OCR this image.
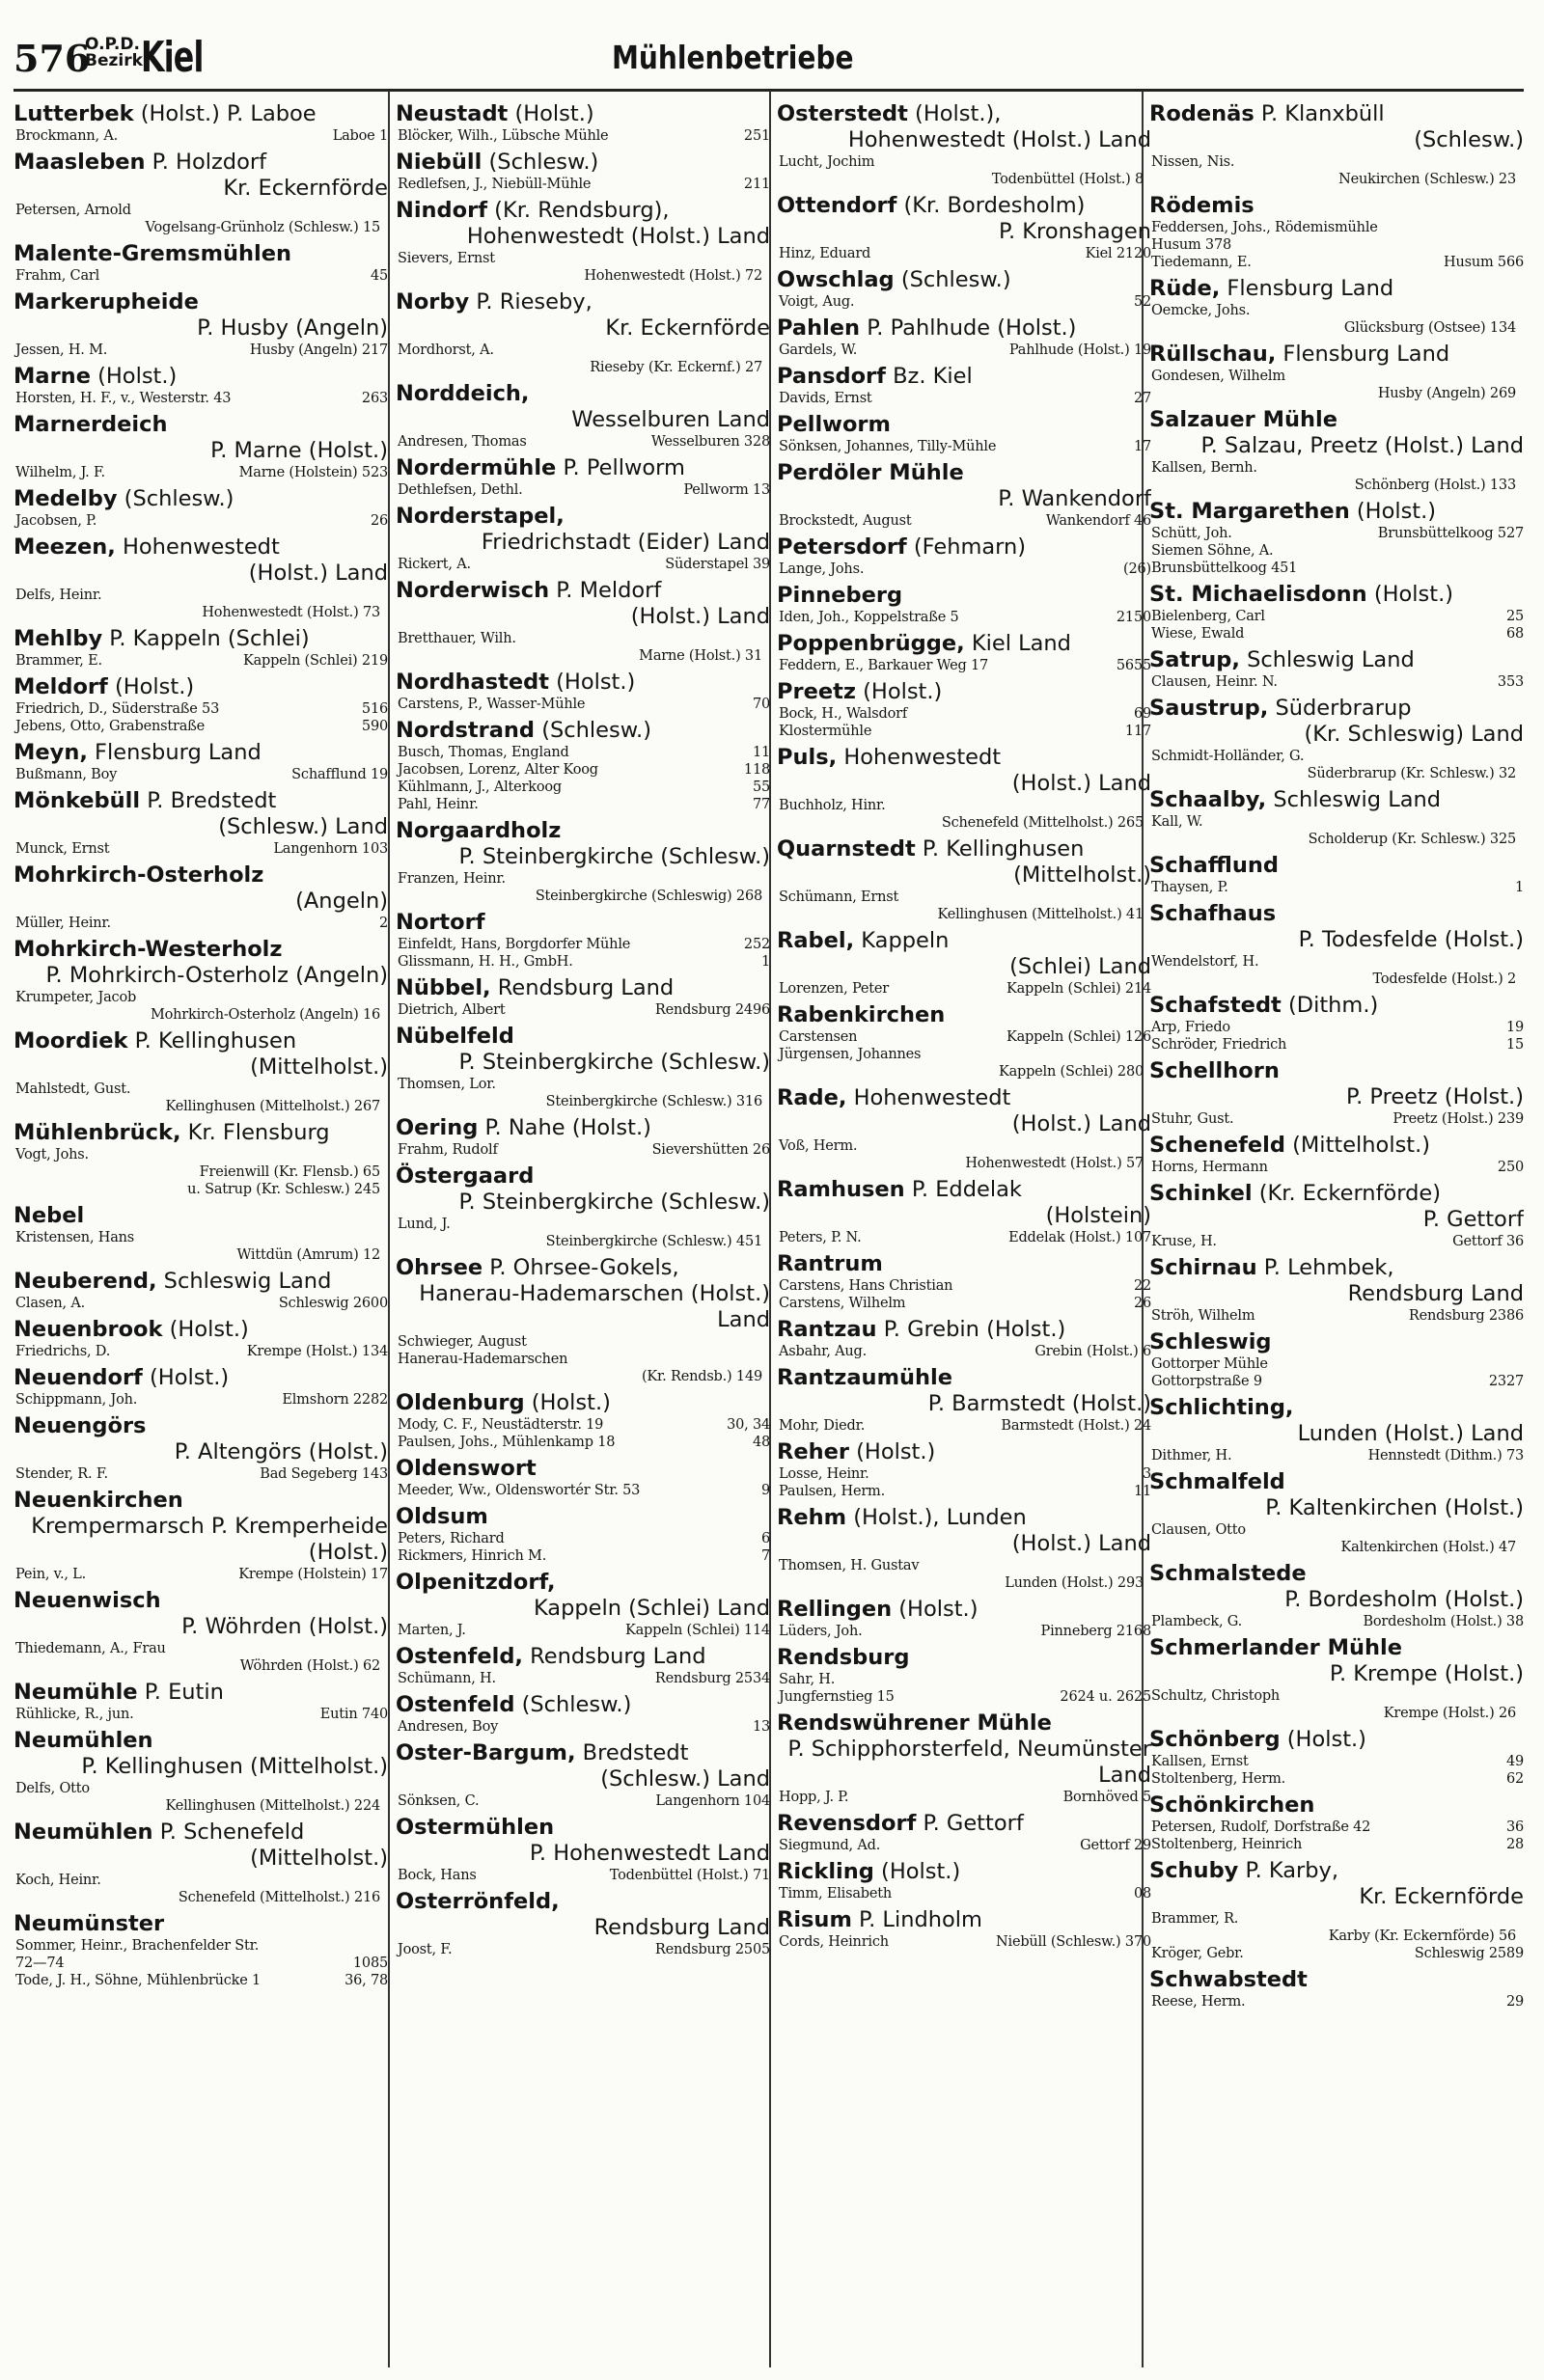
576
O.P.D.
Bezirk
Kiel	Mühlenbetriebe
Lutterbek (Holst.) P. Laboe
Brockmann, A.	Laboe 1
Maasleben P. Holzdorf
Kr. Eckernförde
Petersen, Arnold
Vogelsang-Grünholz (Schlesw.) 15
Malente-Gremsmühlen
Frahm, Carl	45
Markerupheide
P. Husby (Angeln)
Jessen, H. M.	Husby (Angeln) 217
Marne (Holst.)
Horsten, H. F., v., Westerstr. 43	263
Marnerdeich
P. Marne (Holst.)
Wilhelm, J. F.	Marne (Holstein) 523
Medelby (Schlesw.)
Jacobsen, P.	26
Meezen, Hohenwestedt
(Holst.) Land
Delfs, Heinr.
Hohenwestedt (Holst.) 73
Mehlby P. Kappeln (Schlei)
Brammer, E.	Kappeln (Schlei) 219
Meldorf (Holst.)
Friedrich, D., Süderstraße 53	516
Jebens, Otto, Grabenstraße	590
Meyn, Flensburg Land
Bußmann, Boy	Schafflund 19
Mönkebüll P. Bredstedt
(Schlesw.) Land
Munck, Ernst	Langenhorn 103
Mohrkirch-Osterholz
(Angeln)
Müller, Heinr.	2
Mohrkirch-Westerholz
P. Mohrkirch-Osterholz (Angeln)
Krumpeter, Jacob
Mohrkirch-Osterholz (Angeln) 16
Moordiek P. Kellinghusen
(Mittelholst.)
Mahlstedt, Gust.
Kellinghusen (Mittelholst.) 267
Mühlenbrück, Kr. Flensburg
Vogt, Johs.
Freienwill (Kr. Flensb.) 65
u. Satrup (Kr. Schlesw.) 245
Nebel
Kristensen, Hans
Wittdün (Amrum) 12
Neuberend, Schleswig Land
Clasen, A.	Schleswig 2600
Neuenbrook (Holst.)
Friedrichs, D.	Krempe (Holst.) 134
Neuendorf (Holst.)
Schippmann, Joh.	Elmshorn 2282
Neuengörs
P. Altengörs (Holst.)
Stender, R. F.	Bad Segeberg 143
Neuenkirchen
Krempermarsch P. Kremperheide (Holst.)
Pein, v., L.	Krempe (Holstein) 17
Neuenwisch
P. Wöhrden (Holst.)
Thiedemann, A., Frau
Wöhrden (Holst.) 62
Neumühle P. Eutin
Rühlicke, R., jun.	Eutin 740
Neumühlen
P. Kellinghusen (Mittelholst.)
Delfs, Otto
Kellinghusen (Mittelholst.) 224
Neumühlen P. Schenefeld
(Mittelholst.)
Koch, Heinr.
Schenefeld (Mittelholst.) 216
Neumünster
Sommer, Heinr., Brachenfelder Str.
72—74	1085
Tode, J. H., Söhne, Mühlenbrücke 1	36, 78
Neustadt (Holst.)
Blöcker, Wilh., Lübsche Mühle	251
Niebüll (Schlesw.)
Redlefsen, J., Niebüll-Mühle	211
Nindorf (Kr. Rendsburg),
Hohenwestedt (Holst.) Land
Sievers, Ernst
Hohenwestedt (Holst.) 72
Norby P. Rieseby,
Kr. Eckernförde
Mordhorst, A.
Rieseby (Kr. Eckernf.) 27
Norddeich,
Wesselburen Land
Andresen, Thomas	Wesselburen 328
Nordermühle P. Pellworm
Dethlefsen, Dethl.	Pellworm 13
Norderstapel,
Friedrichstadt (Eider) Land
Rickert, A.	Süderstapel 39
Norderwisch P. Meldorf
(Holst.) Land
Bretthauer, Wilh.
Marne (Holst.) 31
Nordhastedt (Holst.)
Carstens, P., Wasser-Mühle	70
Nordstrand (Schlesw.)
Busch, Thomas, England	11
Jacobsen, Lorenz, Alter Koog	118
Kühlmann, J., Alterkoog	55
Pahl, Heinr.	77
Norgaardholz
P. Steinbergkirche (Schlesw.)
Franzen, Heinr.
Steinbergkirche (Schleswig) 268
Nortorf
Einfeldt, Hans, Borgdorfer Mühle	252
Glissmann, H. H., GmbH.	1
Nübbel, Rendsburg Land
Dietrich, Albert	Rendsburg 2496
Nübelfeld
P. Steinbergkirche (Schlesw.)
Thomsen, Lor.
Steinbergkirche (Schlesw.) 316
Oering P. Nahe (Holst.)
Frahm, Rudolf	Sievershütten 26
Östergaard
P. Steinbergkirche (Schlesw.)
Lund, J.
Steinbergkirche (Schlesw.) 451
Ohrsee P. Ohrsee-Gokels,
Hanerau-Hademarschen (Holst.) Land
Schwieger, August
Hanerau-Hademarschen
(Kr. Rendsb.) 149
Oldenburg (Holst.)
Mody, C. F., Neustädterstr. 19	30, 34
Paulsen, Johs., Mühlenkamp 18	48
Oldenswort
Meeder, Ww., Oldenswortér Str. 53	9
Oldsum
Peters, Richard	6
Rickmers, Hinrich M.	7
Olpenitzdorf,
Kappeln (Schlei) Land
Marten, J.	Kappeln (Schlei) 114
Ostenfeld, Rendsburg Land
Schümann, H.	Rendsburg 2534
Ostenfeld (Schlesw.)
Andresen, Boy	13
Oster-Bargum, Bredstedt
(Schlesw.) Land
Sönksen, C.	Langenhorn 104
Ostermühlen
P. Hohenwestedt Land
Bock, Hans	Todenbüttel (Holst.) 71
Osterrönfeld,
Rendsburg Land
Joost, F.	Rendsburg 2505
Osterstedt (Holst.),
Hohenwestedt (Holst.) Land
Lucht, Jochim
Todenbüttel (Holst.) 8
Ottendorf (Kr. Bordesholm)
P. Kronshagen
Hinz, Eduard	Kiel 2120
Owschlag (Schlesw.)
Voigt, Aug.	52
Pahlen P. Pahlhude (Holst.)
Gardels, W.	Pahlhude (Holst.) 19
Pansdorf Bz. Kiel
Davids, Ernst	27
Pellworm
Sönksen, Johannes, Tilly-Mühle	17
Perdöler Mühle
P. Wankendorf
Brockstedt, August	Wankendorf 46
Petersdorf (Fehmarn)
Lange, Johs.	(26)
Pinneberg
Iden, Joh., Koppelstraße 5	2150
Poppenbrügge, Kiel Land
Feddern, E., Barkauer Weg 17	5655
Preetz (Holst.)
Bock, H., Walsdorf	69
Klostermühle	117
Puls, Hohenwestedt
(Holst.) Land
Buchholz, Hinr.
Schenefeld (Mittelholst.) 265
Quarnstedt P. Kellinghusen
(Mittelholst.)
Schümann, Ernst
Kellinghusen (Mittelholst.) 41
Rabel, Kappeln
(Schlei) Land
Lorenzen, Peter	Kappeln (Schlei) 214
Rabenkirchen
Carstensen	Kappeln (Schlei) 126
Jürgensen, Johannes
Kappeln (Schlei) 280
Rade, Hohenwestedt
(Holst.) Land
Voß, Herm.
Hohenwestedt (Holst.) 57
Ramhusen P. Eddelak
(Holstein)
Peters, P. N.	Eddelak (Holst.) 107
Rantrum
Carstens, Hans Christian	22
Carstens, Wilhelm	26
Rantzau P. Grebin (Holst.)
Asbahr, Aug.	Grebin (Holst.) 6
Rantzaumühle
P. Barmstedt (Holst.)
Mohr, Diedr.	Barmstedt (Holst.) 24
Reher (Holst.)
Losse, Heinr.	3
Paulsen, Herm.	11
Rehm (Holst.), Lunden
(Holst.) Land
Thomsen, H. Gustav
Lunden (Holst.) 293
Rellingen (Holst.)
Lüders, Joh.	Pinneberg 2168
Rendsburg
Sahr, H.
Jungfernstieg 15	2624 u. 2625
Rendswührener Mühle
P. Schipphorsterfeld, Neumünster Land
Hopp, J. P.	Bornhöved 5
Revensdorf P. Gettorf
Siegmund, Ad.	Gettorf 29
Rickling (Holst.)
Timm, Elisabeth	08
Risum P. Lindholm
Cords, Heinrich	Niebüll (Schlesw.) 370
Rodenäs P. Klanxbüll
(Schlesw.)
Nissen, Nis.
Neukirchen (Schlesw.) 23
Rödemis
Feddersen, Johs., Rödemismühle
Husum 378
Tiedemann, E.	Husum 566
Rüde, Flensburg Land
Oemcke, Johs.
Glücksburg (Ostsee) 134
Rüllschau, Flensburg Land
Gondesen, Wilhelm
Husby (Angeln) 269
Salzauer Mühle
P. Salzau, Preetz (Holst.) Land
Kallsen, Bernh.
Schönberg (Holst.) 133
St. Margarethen (Holst.)
Schütt, Joh.	Brunsbüttelkoog 527
Siemen Söhne, A.
Brunsbüttelkoog 451
St. Michaelisdonn (Holst.)
Bielenberg, Carl	25
Wiese, Ewald	68
Satrup, Schleswig Land
Clausen, Heinr. N.	353
Saustrup, Süderbrarup
(Kr. Schleswig) Land
Schmidt-Holländer, G.
Süderbrarup (Kr. Schlesw.) 32
Schaalby, Schleswig Land
Kall, W.
Scholderup (Kr. Schlesw.) 325
Schafflund
Thaysen, P.	1
Schafhaus
P. Todesfelde (Holst.)
Wendelstorf, H.
Todesfelde (Holst.) 2
Schafstedt (Dithm.)
Arp, Friedo	19
Schröder, Friedrich	15
Schellhorn
P. Preetz (Holst.)
Stuhr, Gust.	Preetz (Holst.) 239
Schenefeld (Mittelholst.)
Horns, Hermann	250
Schinkel (Kr. Eckernförde)
P. Gettorf
Kruse, H.	Gettorf 36
Schirnau P. Lehmbek,
Rendsburg Land
Ströh, Wilhelm	Rendsburg 2386
Schleswig
Gottorper Mühle
Gottorpstraße 9	2327
Schlichting,
Lunden (Holst.) Land
Dithmer, H.	Hennstedt (Dithm.) 73
Schmalfeld
P. Kaltenkirchen (Holst.)
Clausen, Otto
Kaltenkirchen (Holst.) 47
Schmalstede
P. Bordesholm (Holst.)
Plambeck, G.	Bordesholm (Holst.) 38
Schmerlander Mühle
P. Krempe (Holst.)
Schultz, Christoph
Krempe (Holst.) 26
Schönberg (Holst.)
Kallsen, Ernst	49
Stoltenberg, Herm.	62
Schönkirchen
Petersen, Rudolf, Dorfstraße 42	36
Stoltenberg, Heinrich	28
Schuby P. Karby,
Kr. Eckernförde
Brammer, R.
Karby (Kr. Eckernförde) 56
Kröger, Gebr.	Schleswig 2589
Schwabstedt
Reese, Herm.	29
